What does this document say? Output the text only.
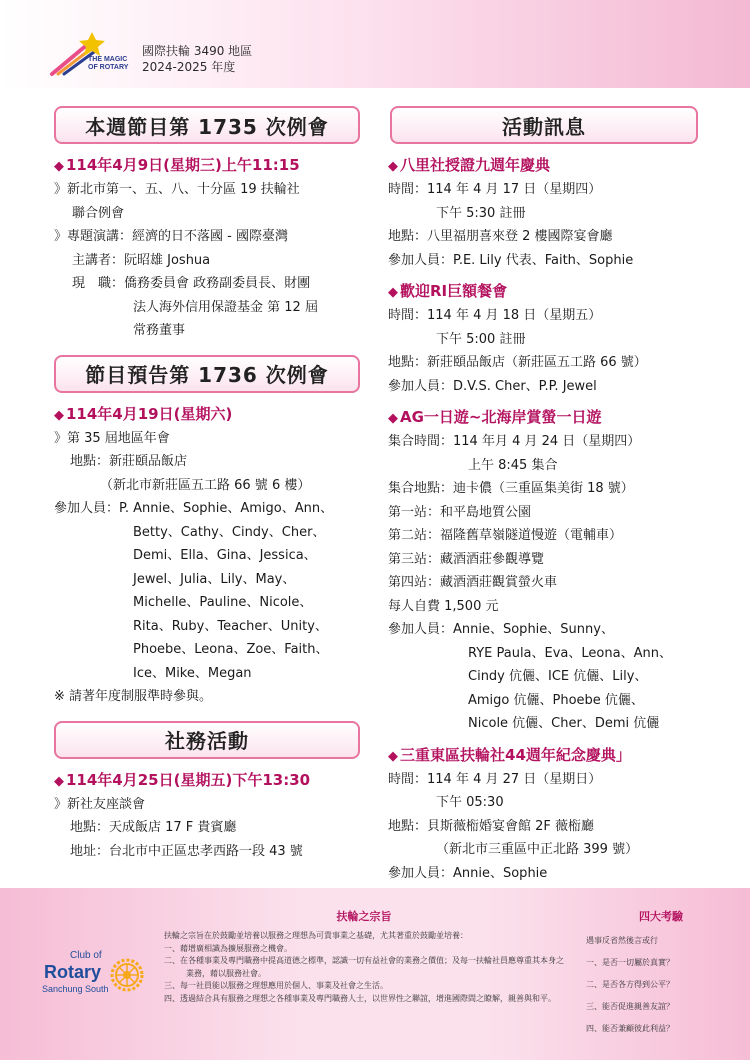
THE MAGIC
OF ROTARY
國際扶輪 3490 地區
2024-2025 年度
本週節目第 1735 次例會
◆ 114年4月9日(星期三)上午11:15
》新北市第一、五、八、十分區 19 扶輪社
聯合例會
》專題演講：經濟的日不落國 - 國際臺灣
主講者：阮昭雄 Joshua
現　職：僑務委員會 政務副委員長、財團
法人海外信用保證基金 第 12 屆
常務董事
節目預告第 1736 次例會
◆ 114年4月19日(星期六)
》第 35 屆地區年會
地點：新莊頤品飯店
（新北市新莊區五工路 66 號 6 樓）
參加人員：P. Annie、Sophie、Amigo、Ann、
Betty、Cathy、Cindy、Cher、
Demi、Ella、Gina、Jessica、
Jewel、Julia、Lily、May、
Michelle、Pauline、Nicole、
Rita、Ruby、Teacher、Unity、
Phoebe、Leona、Zoe、Faith、
Ice、Mike、Megan
※ 請著年度制服準時參與。
社務活動
◆ 114年4月25日(星期五)下午13:30
》新社友座談會
地點：天成飯店 17 F 貴賓廳
地址：台北市中正區忠孝西路一段 43 號
活動訊息
◆ 八里社授證九週年慶典
時間：114 年 4 月 17 日（星期四）
下午 5:30 註冊
地點：八里福朋喜來登 2 樓國際宴會廳
參加人員：P.E. Lily 代表、Faith、Sophie
◆ 歡迎RI巨額餐會
時間：114 年 4 月 18 日（星期五）
下午 5:00 註冊
地點：新莊頤品飯店（新莊區五工路 66 號）
參加人員：D.V.S. Cher、P.P. Jewel
◆ AG一日遊~北海岸賞螢一日遊
集合時間：114 年月 4 月 24 日（星期四）
上午 8:45 集合
集合地點：迪卡儂（三重區集美街 18 號）
第一站：和平島地質公園
第二站：福隆舊草嶺隧道慢遊（電輔車）
第三站：藏酒酒莊參觀導覽
第四站：藏酒酒莊觀賞螢火車
每人自費 1,500 元
參加人員：Annie、Sophie、Sunny、
RYE Paula、Eva、Leona、Ann、
Cindy 伉儷、ICE 伉儷、Lily、
Amigo 伉儷、Phoebe 伉儷、
Nicole 伉儷、Cher、Demi 伉儷
◆ 三重東區扶輪社44週年紀念慶典」
時間：114 年 4 月 27 日（星期日）
下午 05:30
地點：貝斯薇椼婚宴會館 2F 薇椼廳
（新北市三重區中正北路 399 號）
參加人員：Annie、Sophie
Club of
Rotary
Sanchung South
扶輪之宗旨
扶輪之宗旨在於鼓勵並培養以服務之理想為可貴事業之基礎，尤其著重於鼓勵並培養：
一、藉增廣相識為擴展服務之機會。
二、在各種事業及專門職務中提高道德之標準，認識一切有益社會的業務之價值；及每一扶輪社員應尊重其本身之業務，藉以服務社會。
三、每一社員能以服務之理想應用於個人、事業及社會之生活。
四、透過結合具有服務之理想之各種事業及專門職務人士，以世界性之聯誼，增進國際間之瞭解，親善與和平。
四大考驗
遇事反省然後言或行
一、是否一切屬於真實？
二、是否各方得到公平？
三、能否促進親善友誼？
四、能否兼顧彼此利益？
